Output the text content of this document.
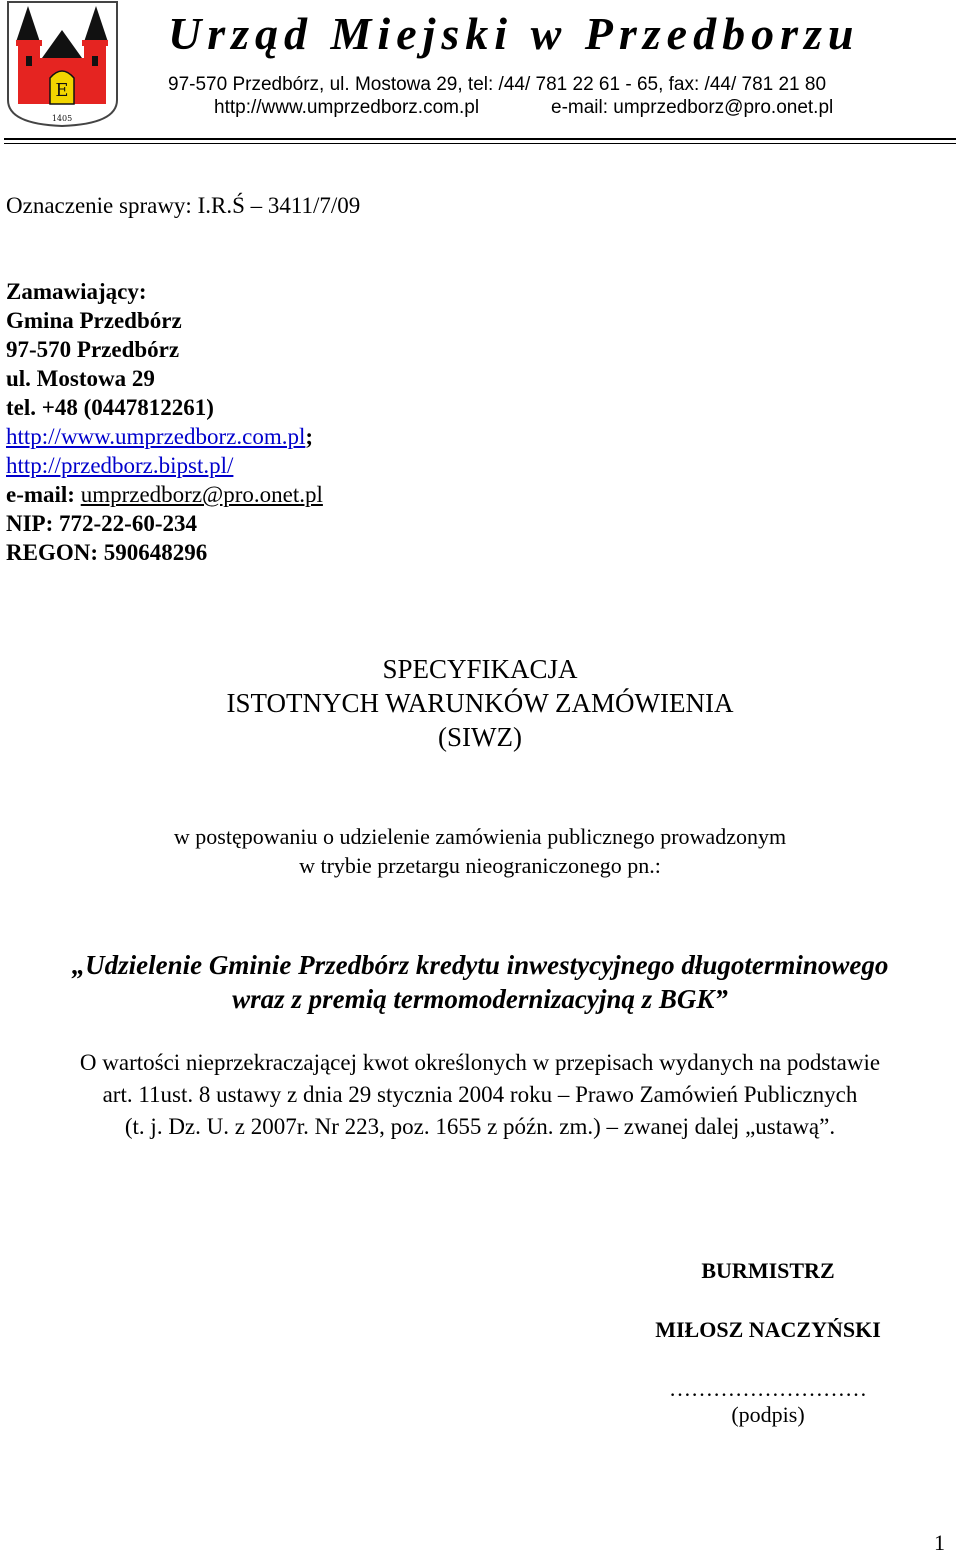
E
1405
Urząd Miejski w Przedborzu
97-570 Przedbórz, ul. Mostowa 29, tel: /44/ 781 22 61 - 65, fax: /44/ 781 21 80
http://www.umprzedborz.com.pl	e-mail: umprzedborz@pro.onet.pl
Oznaczenie sprawy: I.R.Ś – 3411/7/09
Zamawiający:
Gmina Przedbórz
97-570 Przedbórz
ul. Mostowa 29
tel. +48 (0447812261)
http://www.umprzedborz.com.pl;
http://przedborz.bipst.pl/
e-mail: umprzedborz@pro.onet.pl
NIP: 772-22-60-234
REGON: 590648296
SPECYFIKACJA
ISTOTNYCH WARUNKÓW ZAMÓWIENIA
(SIWZ)
w postępowaniu o udzielenie zamówienia publicznego prowadzonym
w trybie przetargu nieograniczonego pn.:
„Udzielenie Gminie Przedbórz kredytu inwestycyjnego długoterminowego
wraz z premią termomodernizacyjną z BGK”
O wartości nieprzekraczającej kwot określonych w przepisach wydanych na podstawie
art. 11ust. 8 ustawy z dnia 29 stycznia 2004 roku – Prawo Zamówień Publicznych
(t. j. Dz. U. z 2007r. Nr 223, poz. 1655 z późn. zm.) – zwanej dalej „ustawą”.
BURMISTRZ
MIŁOSZ NACZYŃSKI
………………………
(podpis)
1
